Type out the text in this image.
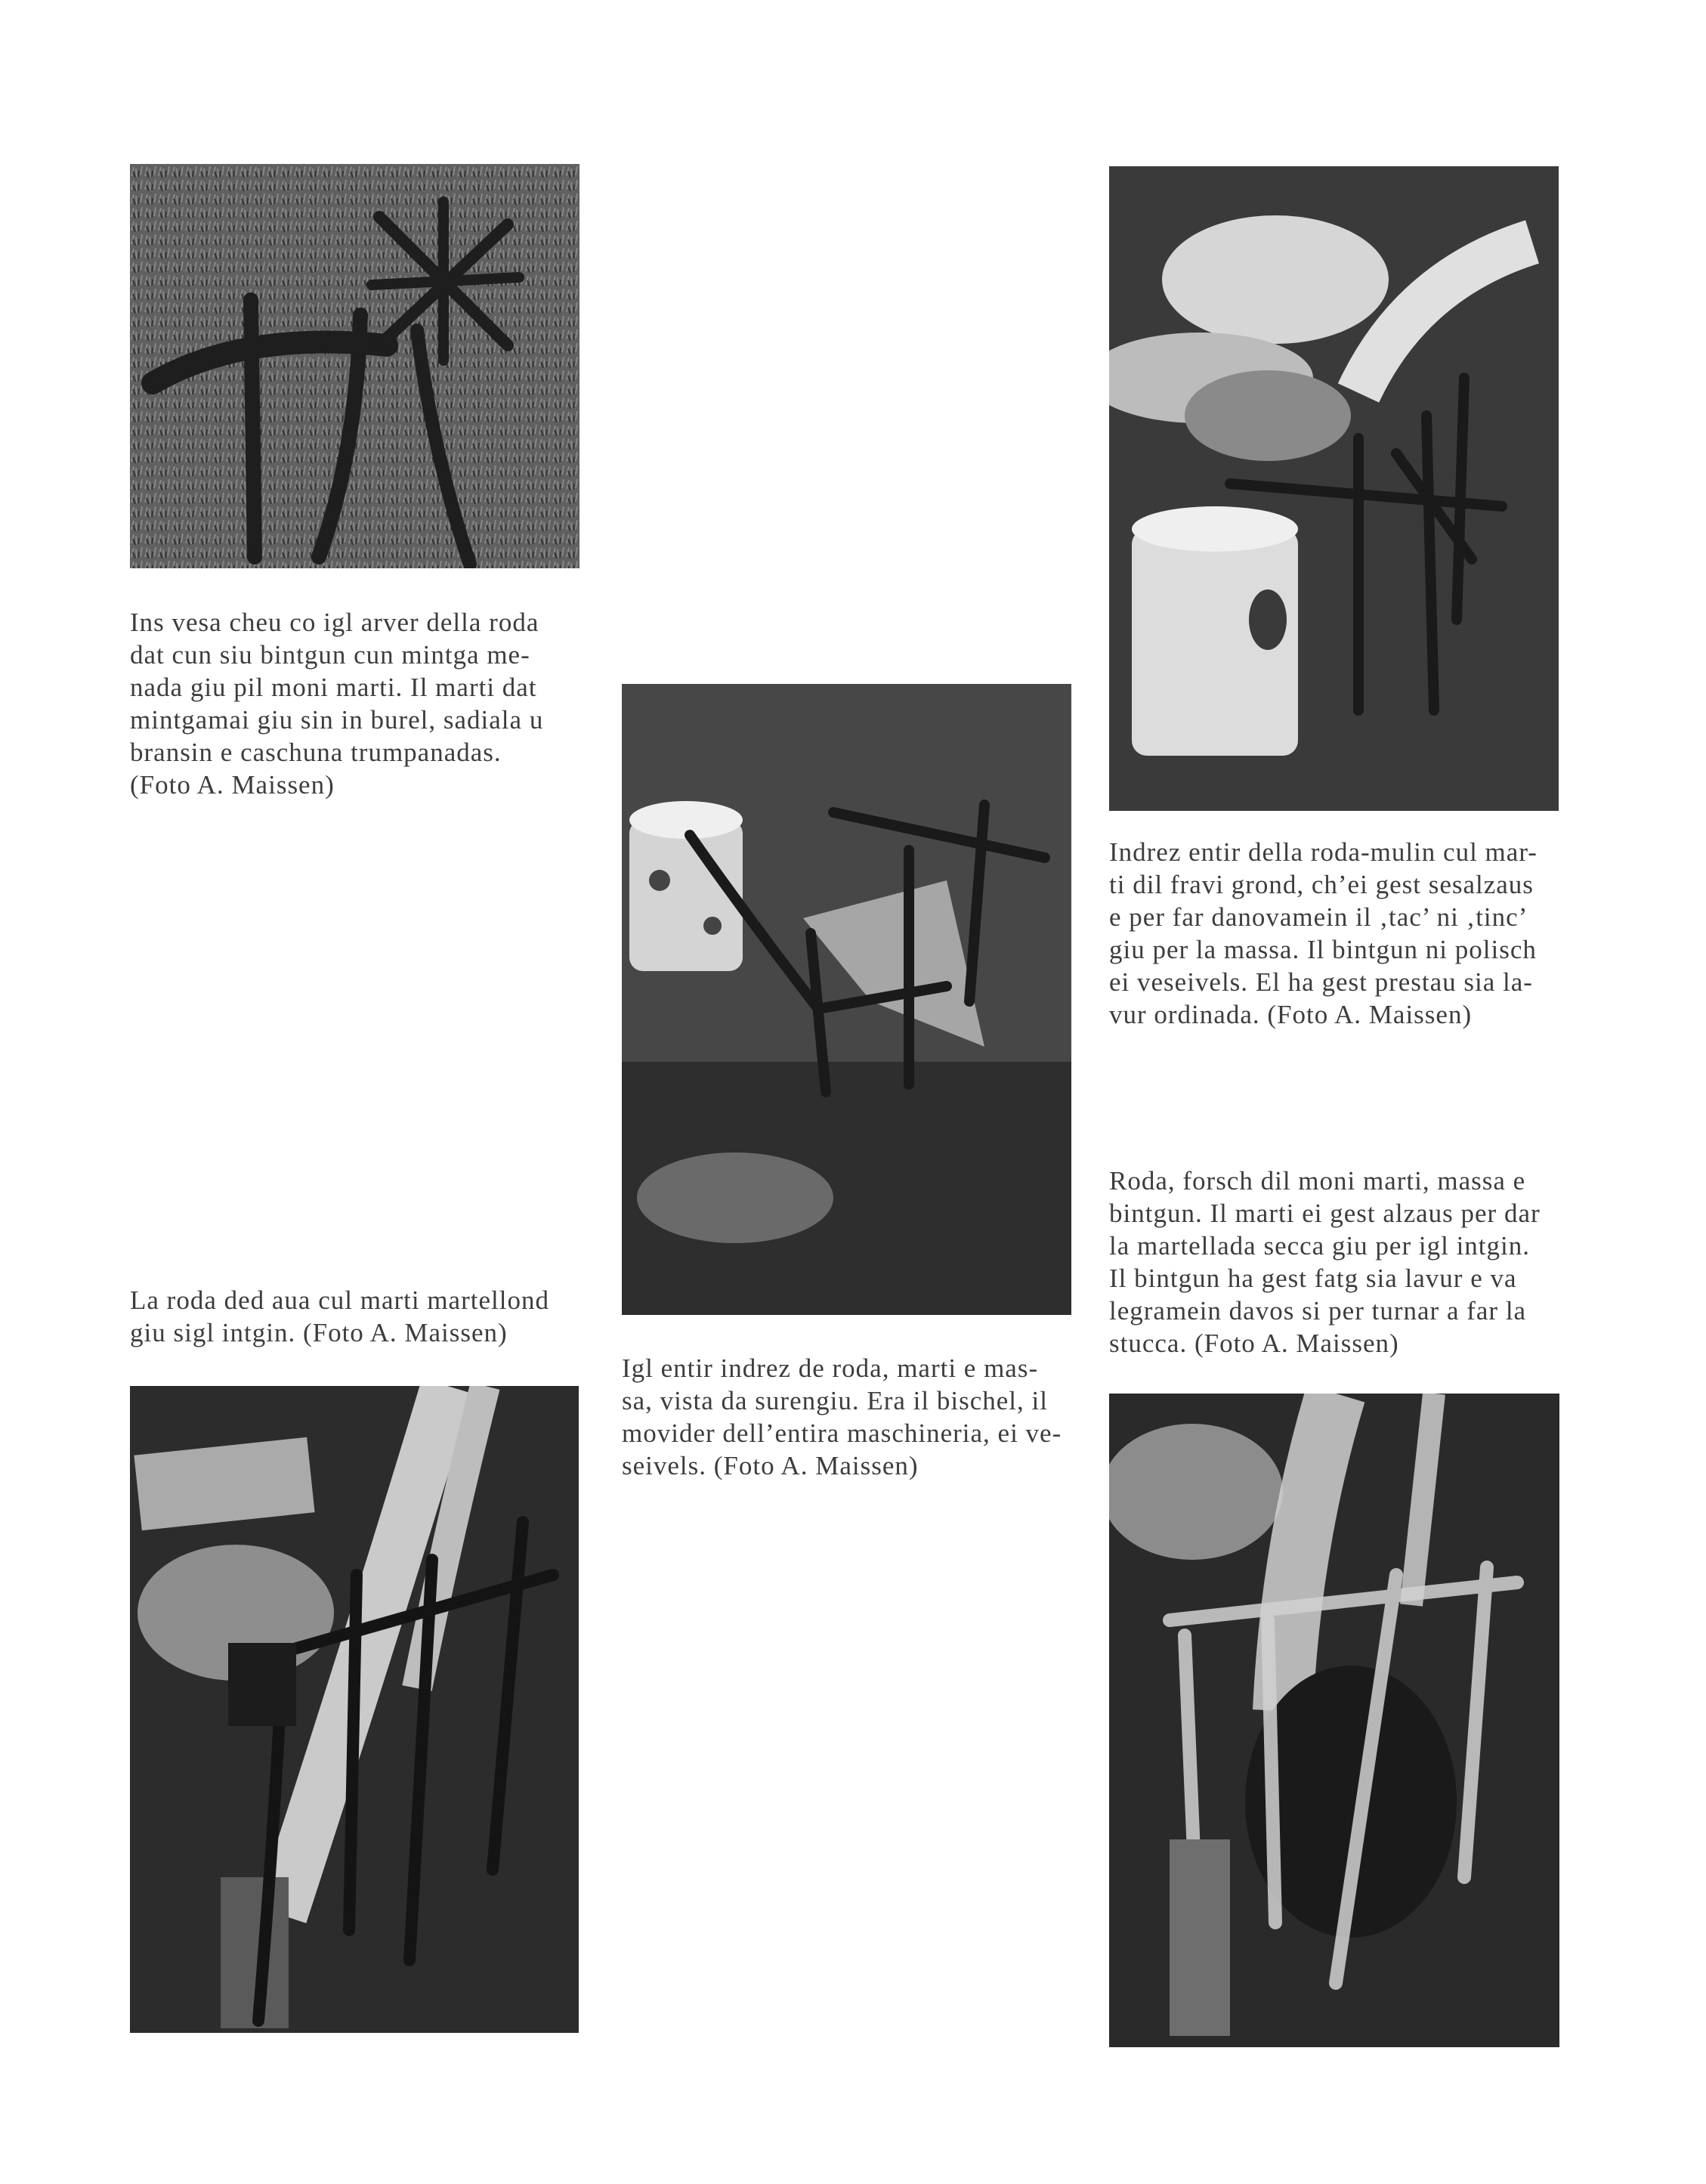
Ins vesa cheu co igl arver della roda
dat cun siu bintgun cun mintga me-
nada giu pil moni marti. Il marti dat
mintgamai giu sin in burel, sadiala u
bransin e caschuna trumpanadas.
(Foto A. Maissen)
Indrez entir della roda-mulin cul mar-
ti dil fravi grond, ch’ei gest sesalzaus
e per far danovamein il ‚tac’ ni ‚tinc’
giu per la massa. Il bintgun ni polisch
ei veseivels. El ha gest prestau sia la-
vur ordinada. (Foto A. Maissen)
Roda, forsch dil moni marti, massa e
bintgun. Il marti ei gest alzaus per dar
la martellada secca giu per igl intgin.
Il bintgun ha gest fatg sia lavur e va
legramein davos si per turnar a far la
stucca. (Foto A. Maissen)
La roda ded aua cul marti martellond
giu sigl intgin. (Foto A. Maissen)
Igl entir indrez de roda, marti e mas-
sa, vista da surengiu. Era il bischel, il
movider dell’entira maschineria, ei ve-
seivels. (Foto A. Maissen)
